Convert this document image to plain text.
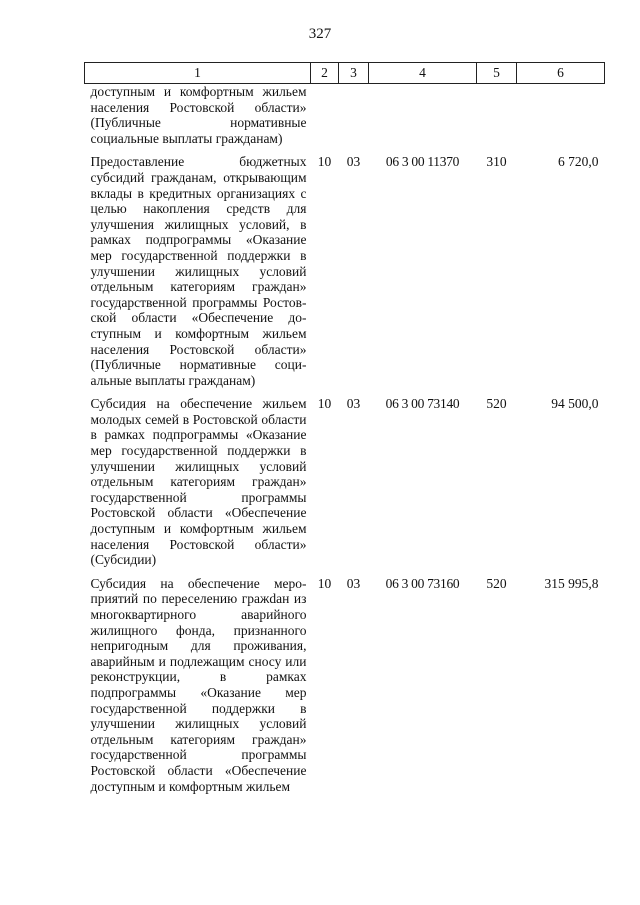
327
1	2	3	4	5	6
доступным и комфортным жильем населения Ростовской области» (Публичные нормативные социальные выплаты гражданам)					
Предоставление бюджетных субсидий гражданам, открывающим вклады в кредитных организациях с целью накопления средств для улучшения жилищных условий, в рамках подпрограммы «Оказание мер государственной поддержки в улучшении жилищных условий отдельным категориям граждан» государственной программы Ростовской области «Обеспечение доступным и комфортным жильем населения Ростовской области» (Публичные нормативные социальные выплаты гражданам)	10	03	06 3 00 11370	310	6 720,0
Субсидия на обеспечение жильем молодых семей в Ростовской области в рамках подпрограммы «Оказание мер государственной поддержки в улучшении жилищных условий отдельным категориям граждан» государственной программы Ростовской области «Обеспечение доступным и комфортным жильем населения Ростовской области» (Субсидии)	10	03	06 3 00 73140	520	94 500,0
Субсидия на обеспечение мероприятий по переселению гражdан из многоквартирного аварийного жилищного фонда, признанного непригодным для проживания, аварийным и подлежащим сносу или реконструкции, в рамках подпрограммы «Оказание мер государственной поддержки в улучшении жилищных условий отдельным категориям граждан» государственной программы Ростовской области «Обеспечение доступным и комфортным жильем	10	03	06 3 00 73160	520	315 995,8
